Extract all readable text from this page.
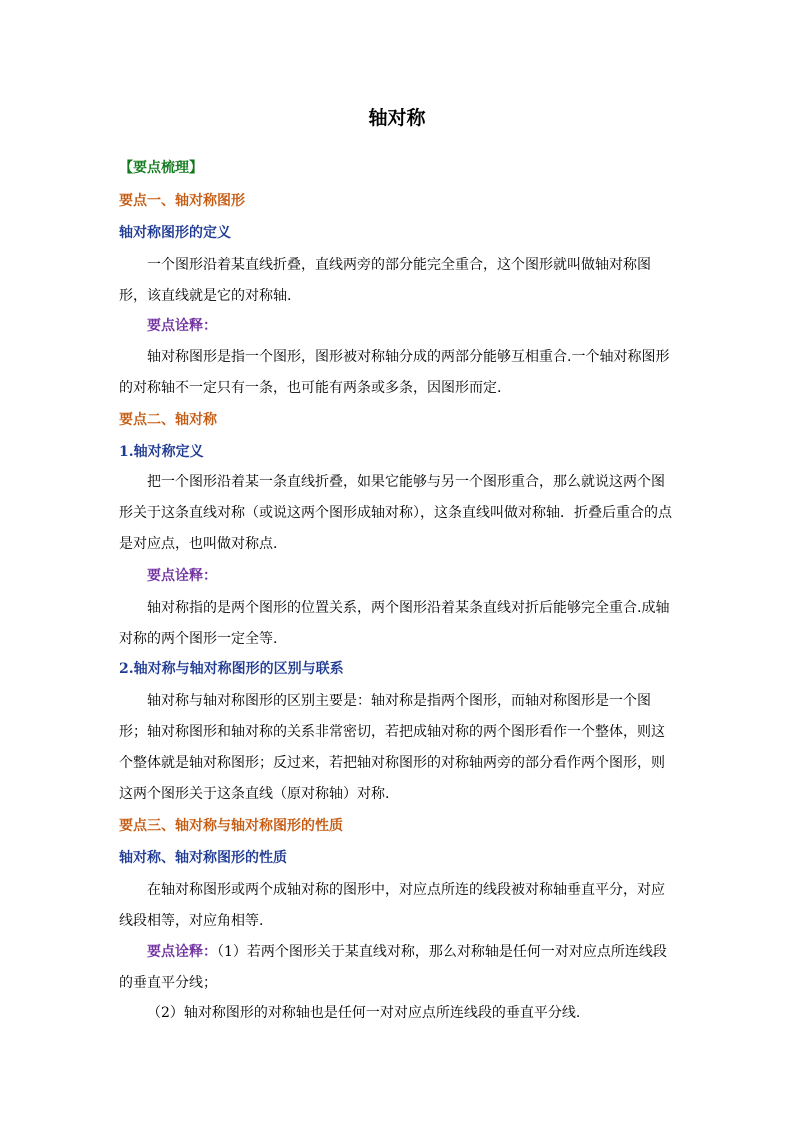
轴对称
【要点梳理】
要点一、轴对称图形
轴对称图形的定义

一个图形沿着某直线折叠，直线两旁的部分能完全重合，这个图形就叫做轴对称图形，该直线就是它的对称轴.

要点诠释：

轴对称图形是指一个图形，图形被对称轴分成的两部分能够互相重合.一个轴对称图形的对称轴不一定只有一条，也可能有两条或多条，因图形而定.

要点二、轴对称
1.轴对称定义

把一个图形沿着某一条直线折叠，如果它能够与另一个图形重合，那么就说这两个图形关于这条直线对称（或说这两个图形成轴对称），这条直线叫做对称轴．折叠后重合的点是对应点，也叫做对称点.

要点诠释：

轴对称指的是两个图形的位置关系，两个图形沿着某条直线对折后能够完全重合.成轴对称的两个图形一定全等.

2.轴对称与轴对称图形的区别与联系

轴对称与轴对称图形的区别主要是：轴对称是指两个图形，而轴对称图形是一个图形；轴对称图形和轴对称的关系非常密切，若把成轴对称的两个图形看作一个整体，则这个整体就是轴对称图形；反过来，若把轴对称图形的对称轴两旁的部分看作两个图形，则这两个图形关于这条直线（原对称轴）对称.

要点三、轴对称与轴对称图形的性质
轴对称、轴对称图形的性质

在轴对称图形或两个成轴对称的图形中，对应点所连的线段被对称轴垂直平分，对应线段相等，对应角相等.

要点诠释：（1）若两个图形关于某直线对称，那么对称轴是任何一对对应点所连线段的垂直平分线；

（2）轴对称图形的对称轴也是任何一对对应点所连线段的垂直平分线.
